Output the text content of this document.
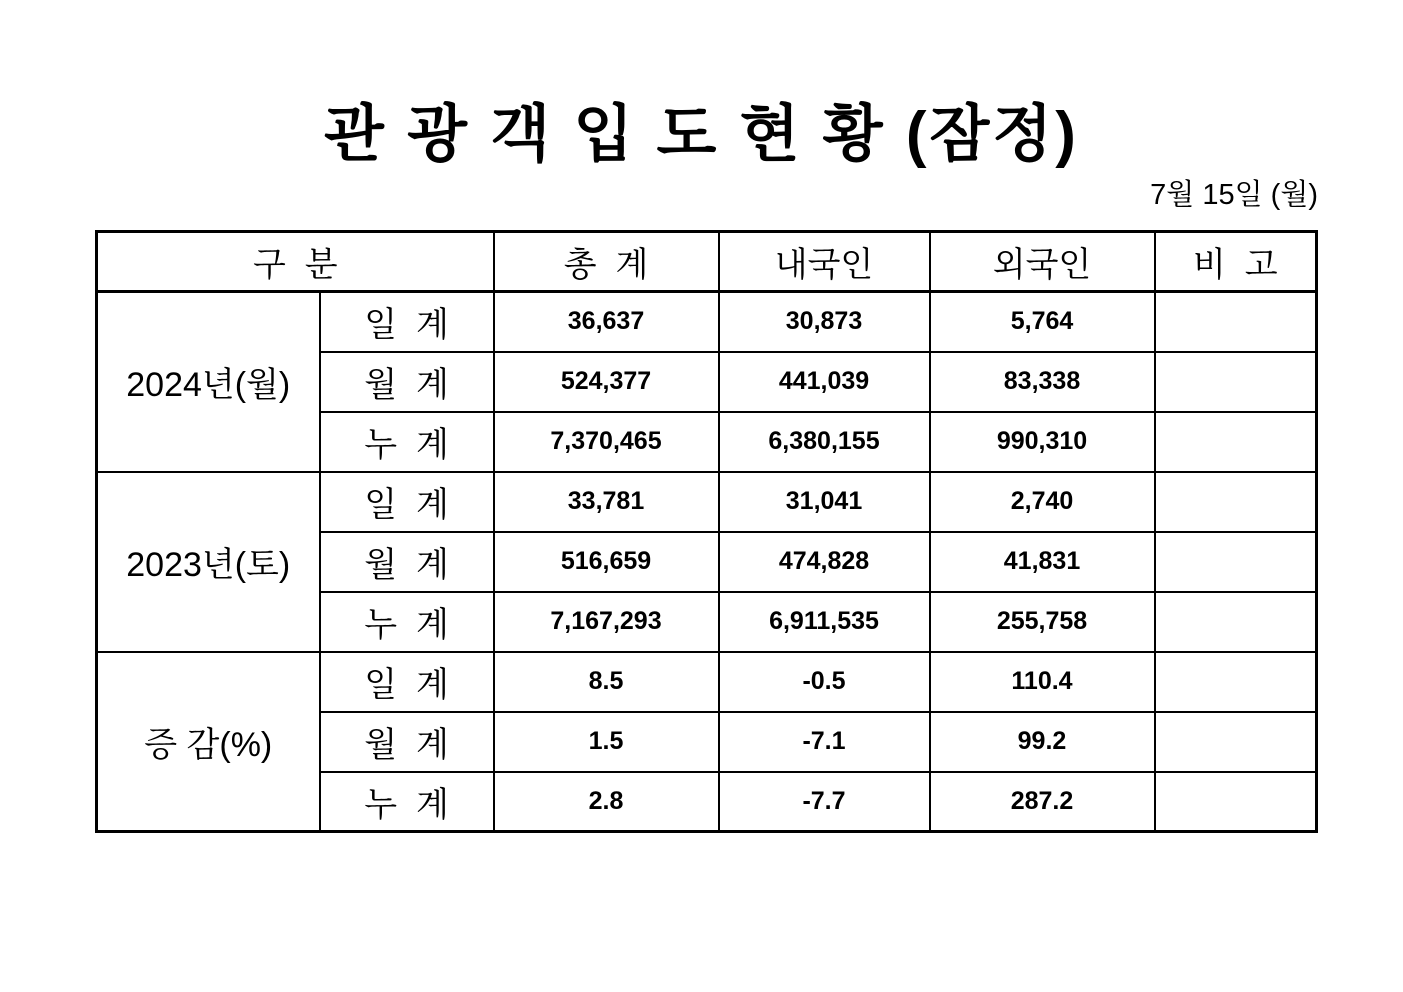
관 광 객 입 도 현 황 (잠정)
7월 15일 (월)
구  분		총  계	내국인	외국인	비  고
2024년(월)	일  계	36,637	30,873	5,764	
	월  계	524,377	441,039	83,338	
	누  계	7,370,465	6,380,155	990,310	
2023년(토)	일  계	33,781	31,041	2,740	
	월  계	516,659	474,828	41,831	
	누  계	7,167,293	6,911,535	255,758	
증 감(%)	일  계	8.5	-0.5	110.4	
	월  계	1.5	-7.1	99.2	
	누  계	2.8	-7.7	287.2	
